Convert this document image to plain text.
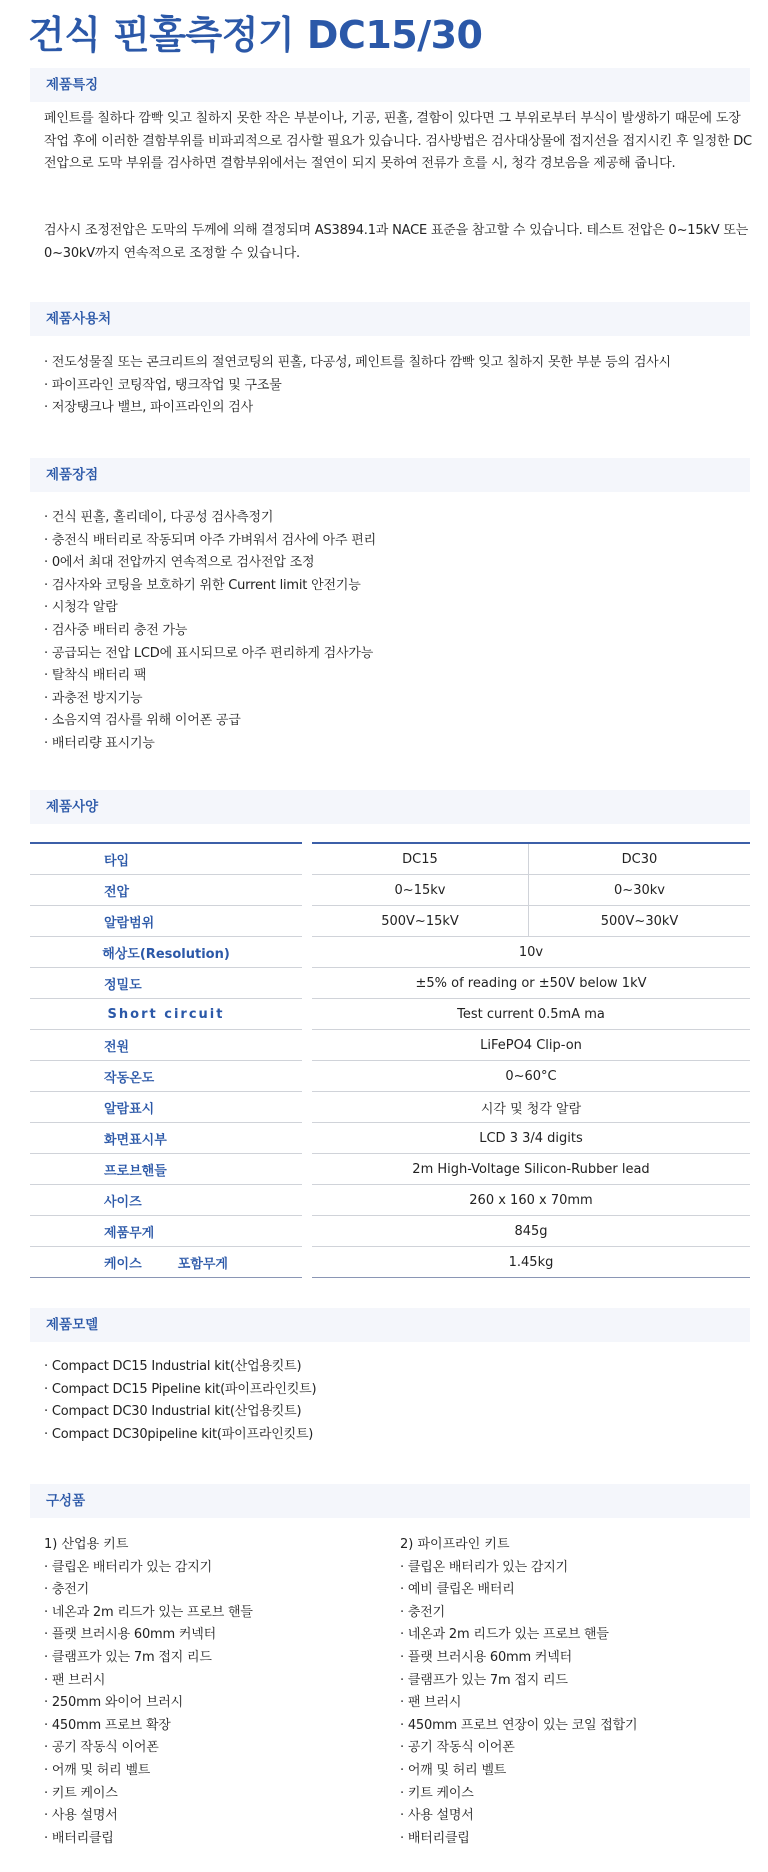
건식 핀홀측정기 DC15/30
제품특징

페인트를 칠하다 깜빡 잊고 칠하지 못한 작은 부분이나, 기공, 핀홀, 결함이 있다면 그 부위로부터 부식이 발생하기 때문에 도장 작업 후에 이러한 결함부위를 비파괴적으로 검사할 필요가 있습니다. 검사방법은 검사대상물에 접지선을 접지시킨 후 일정한 DC전압으로 도막 부위를 검사하면 결함부위에서는 절연이 되지 못하여 전류가 흐를 시, 청각 경보음을 제공해 줍니다.

검사시 조정전압은 도막의 두께에 의해 결정되며 AS3894.1과 NACE 표준을 참고할 수 있습니다. 테스트 전압은 0~15kV 또는 0~30kV까지 연속적으로 조정할 수 있습니다.

제품사용처
· 전도성물질 또는 콘크리트의 절연코팅의 핀홀, 다공성, 페인트를 칠하다 깜빡 잊고 칠하지 못한 부분 등의 검사시
· 파이프라인 코팅작업, 탱크작업 및 구조물
· 저장탱크나 밸브, 파이프라인의 검사
제품장점
· 건식 핀홀, 홀리데이, 다공성 검사측정기
· 충전식 배터리로 작동되며 아주 가벼워서 검사에 아주 편리
· 0에서 최대 전압까지 연속적으로 검사전압 조정
· 검사자와 코팅을 보호하기 위한 Current limit 안전기능
· 시청각 알람
· 검사중 배터리 충전 가능
· 공급되는 전압 LCD에 표시되므로 아주 편리하게 검사가능
· 탈착식 배터리 팩
· 과충전 방지기능
· 소음지역 검사를 위해 이어폰 공급
· 배터리량 표시기능
제품사양
타입	DC15	DC30
전압	0~15kv	0~30kv
알람범위	500V~15kV	500V~30kV
해상도(Resolution)	10v	
정밀도	±5% of reading or ±50V below 1kV	
Short circuit	Test current 0.5mA ma	
전원	LiFePO4 Clip-on	
작동온도	0~60°C	
알람표시	시각 및 청각 알람	
화면표시부	LCD 3 3/4 digits	
프로브핸들	2m High-Voltage Silicon-Rubber lead	
사이즈	260 x 160 x 70mm	
제품무게	845g	
케이스 포함무게	1.45kg	
제품모델
· Compact DC15 Industrial kit(산업용킷트)
· Compact DC15 Pipeline kit(파이프라인킷트)
· Compact DC30 Industrial kit(산업용킷트)
· Compact DC30pipeline kit(파이프라인킷트)
구성품
1) 산업용 키트
· 클립온 배터리가 있는 감지기
· 충전기
· 네온과 2m 리드가 있는 프로브 핸들
· 플랫 브러시용 60mm 커넥터
· 클램프가 있는 7m 접지 리드
· 팬 브러시
· 250mm 와이어 브러시
· 450mm 프로브 확장
· 공기 작동식 이어폰
· 어깨 및 허리 벨트
· 키트 케이스
· 사용 설명서
· 배터리클립
2) 파이프라인 키트
· 클립온 배터리가 있는 감지기
· 예비 클립온 배터리
· 충전기
· 네온과 2m 리드가 있는 프로브 핸들
· 플랫 브러시용 60mm 커넥터
· 클램프가 있는 7m 접지 리드
· 팬 브러시
· 450mm 프로브 연장이 있는 코일 접합기
· 공기 작동식 이어폰
· 어깨 및 허리 벨트
· 키트 케이스
· 사용 설명서
· 배터리클립
